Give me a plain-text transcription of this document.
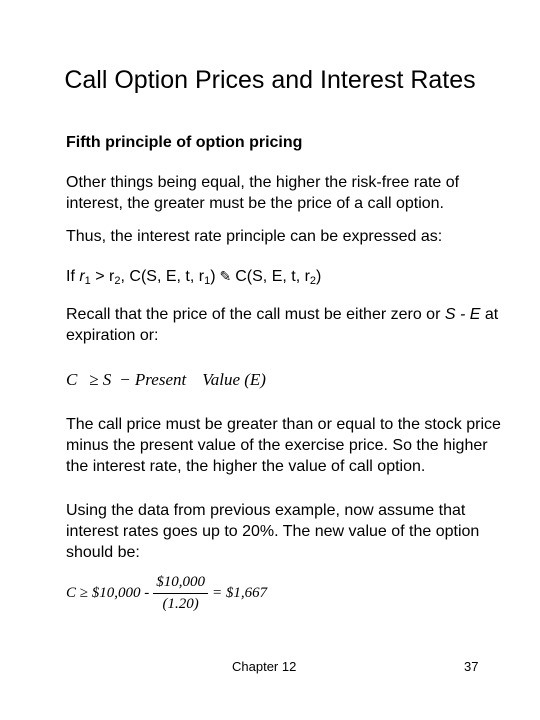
Call Option Prices and Interest Rates
Fifth principle of option pricing
Other things being equal, the higher the risk-free rate of interest, the greater must be the price of a call option.
Thus, the interest rate principle can be expressed as:
If $r_1 > r_2$, C(S, E, t, $r_1$) ✎ C(S, E, t, $r_2$)
Recall that the price of the call must be either zero or S - E at expiration or:
C ≥ S − Present Value (E)
The call price must be greater than or equal to the stock price minus the present value of the exercise price. So the higher the interest rate, the higher the value of call option.
Using the data from previous example, now assume that interest rates goes up to 20%. The new value of the option should be:
C ≥ $10,000 - $\frac{\$10,000}{(1.20)}$ = $1,667
Chapter 12	37
